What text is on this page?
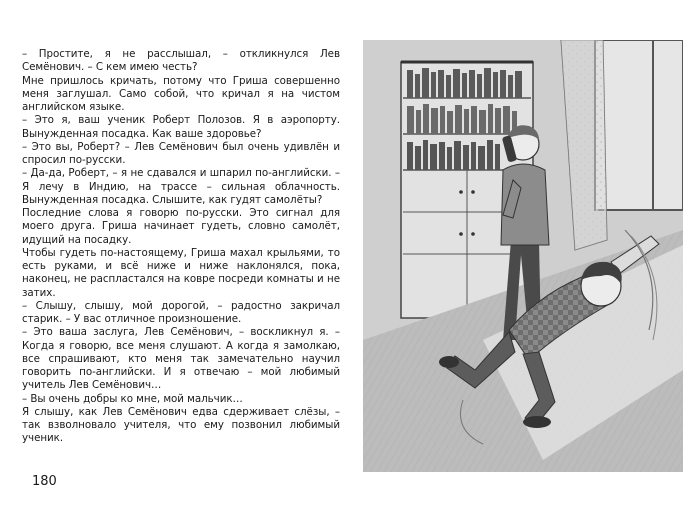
– Простите, я не расслышал, – откликнулся Лев Семёнович. – С кем имею честь?

Мне пришлось кричать, потому что Гриша совершенно меня заглушал. Само собой, что кричал я на чистом английском языке.

– Это я, ваш ученик Роберт Полозов. Я в аэропорту. Вынужденная посадка. Как ваше здоровье?

– Это вы, Роберт? – Лев Семёнович был очень удивлён и спросил по-русски.

– Да-да, Роберт, – я не сдавался и шпарил по-английски. – Я лечу в Индию, на трассе – сильная облачность. Вынужденная посадка. Слышите, как гудят самолёты?

Последние слова я говорю по-русски. Это сигнал для моего друга. Гриша начинает гудеть, словно самолёт, идущий на посадку.

Чтобы гудеть по-настоящему, Гриша махал крыльями, то есть руками, и всё ниже и ниже наклонялся, пока, наконец, не распластался на ковре посреди комнаты и не затих.

– Слышу, слышу, мой дорогой, – радостно закричал старик. – У вас отличное произношение.

– Это ваша заслуга, Лев Семёнович, – воскликнул я. – Когда я говорю, все меня слушают. А когда я замолкаю, все спрашивают, кто меня так замечательно научил говорить по-английски. И я отвечаю – мой любимый учитель Лев Семёнович…

– Вы очень добры ко мне, мой мальчик…

Я слышу, как Лев Семёнович едва сдерживает слёзы, – так взволновало учителя, что ему позвонил любимый ученик.

180
